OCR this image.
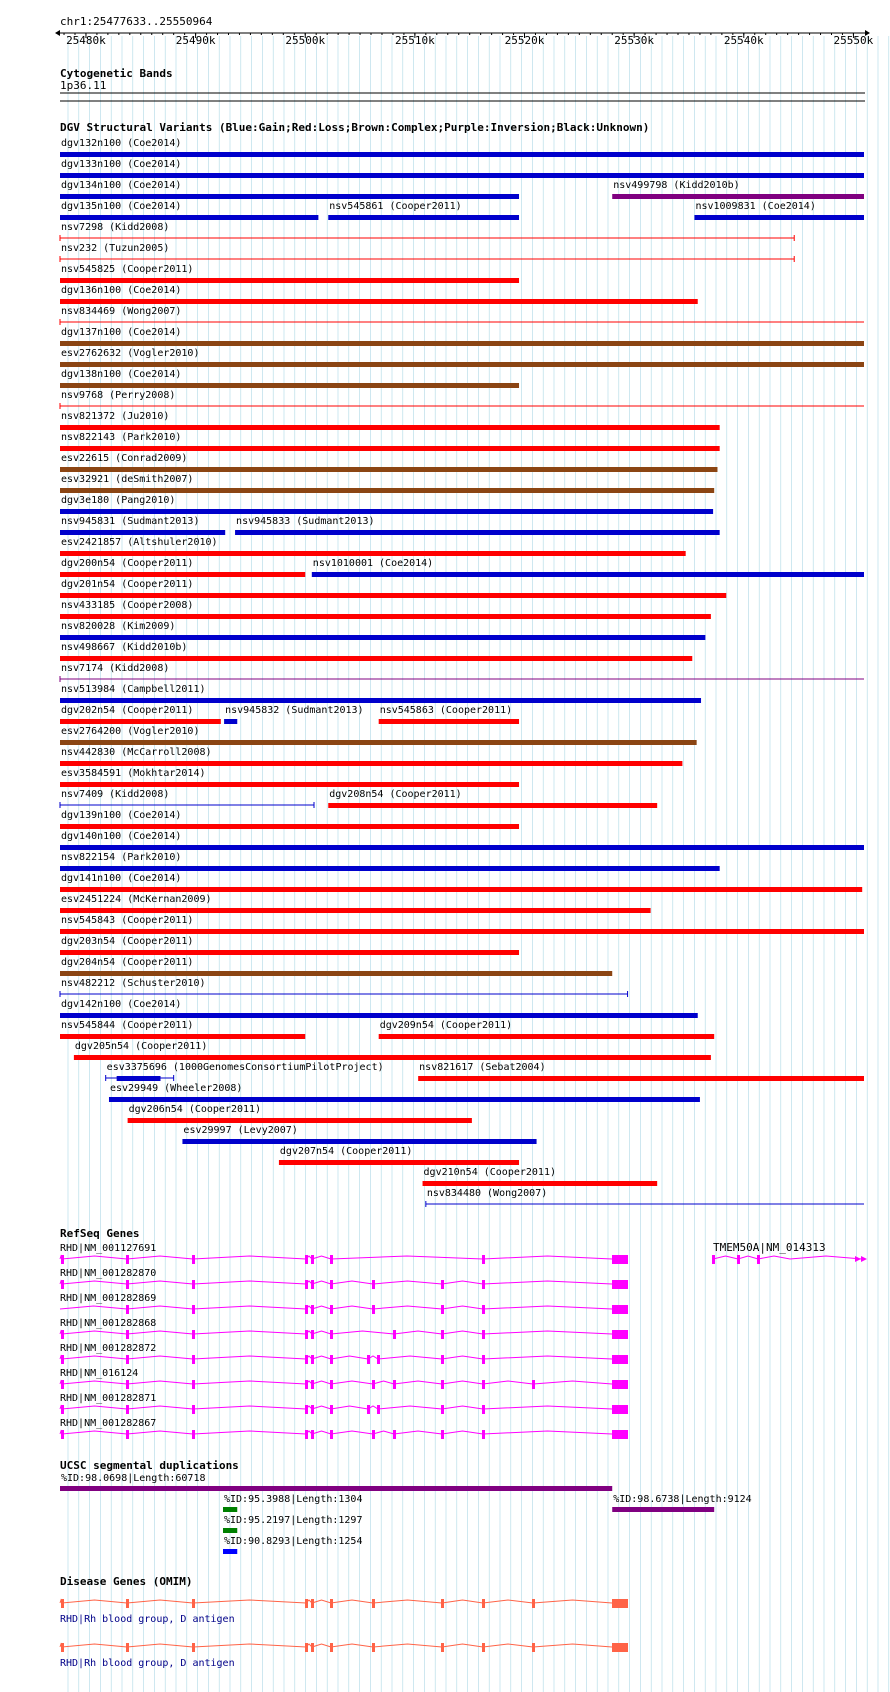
chr1:25477633..25550964
25480k	25490k	25500k	25510k	25520k	25530k	25540k	25550k
Cytogenetic Bands
1p36.11
DGV Structural Variants (Blue:Gain;Red:Loss;Brown:Complex;Purple:Inversion;Black:Unknown)
dgv132n100 (Coe2014)
dgv133n100 (Coe2014)
dgv134n100 (Coe2014)	nsv499798 (Kidd2010b)
dgv135n100 (Coe2014)	nsv545861 (Cooper2011)	nsv1009831 (Coe2014)
nsv7298 (Kidd2008)
nsv232 (Tuzun2005)
nsv545825 (Cooper2011)
dgv136n100 (Coe2014)
nsv834469 (Wong2007)
dgv137n100 (Coe2014)
esv2762632 (Vogler2010)
dgv138n100 (Coe2014)
nsv9768 (Perry2008)
nsv821372 (Ju2010)
nsv822143 (Park2010)
esv22615 (Conrad2009)
esv32921 (deSmith2007)
dgv3e180 (Pang2010)
nsv945831 (Sudmant2013)	nsv945833 (Sudmant2013)
esv2421857 (Altshuler2010)
dgv200n54 (Cooper2011)	nsv1010001 (Coe2014)
dgv201n54 (Cooper2011)
nsv433185 (Cooper2008)
nsv820028 (Kim2009)
nsv498667 (Kidd2010b)
nsv7174 (Kidd2008)
nsv513984 (Campbell2011)
dgv202n54 (Cooper2011)	nsv945832 (Sudmant2013) nsv545863 (Cooper2011)
esv2764200 (Vogler2010)
nsv442830 (McCarroll2008)
esv3584591 (Mokhtar2014)
nsv7409 (Kidd2008)	dgv208n54 (Cooper2011)
dgv139n100 (Coe2014)
dgv140n100 (Coe2014)
nsv822154 (Park2010)
dgv141n100 (Coe2014)
esv2451224 (McKernan2009)
nsv545843 (Cooper2011)
dgv203n54 (Cooper2011)
dgv204n54 (Cooper2011)
nsv482212 (Schuster2010)
dgv142n100 (Coe2014)
nsv545844 (Cooper2011)	dgv209n54 (Cooper2011)
dgv205n54 (Cooper2011)
esv3375696 (1000GenomesConsortiumPilotProject)	nsv821617 (Sebat2004)
esv29949 (Wheeler2008)
dgv206n54 (Cooper2011)
esv29997 (Levy2007)
dgv207n54 (Cooper2011)
dgv210n54 (Cooper2011)
nsv834480 (Wong2007)
RefSeq Genes
TMEM50A|NM_014313
RHD|NM_001127691
RHD|NM_001282870
RHD|NM_001282869
RHD|NM_001282868
RHD|NM_001282872
RHD|NM_016124
RHD|NM_001282871
RHD|NM_001282867
UCSC segmental duplications
%ID:98.0698|Length:60718
%ID:98.6738|Length:9124
%ID:95.3988|Length:1304
%ID:95.2197|Length:1297
%ID:90.8293|Length:1254
Disease Genes (OMIM)
RHD|Rh blood group, D antigen
RHD|Rh blood group, D antigen
